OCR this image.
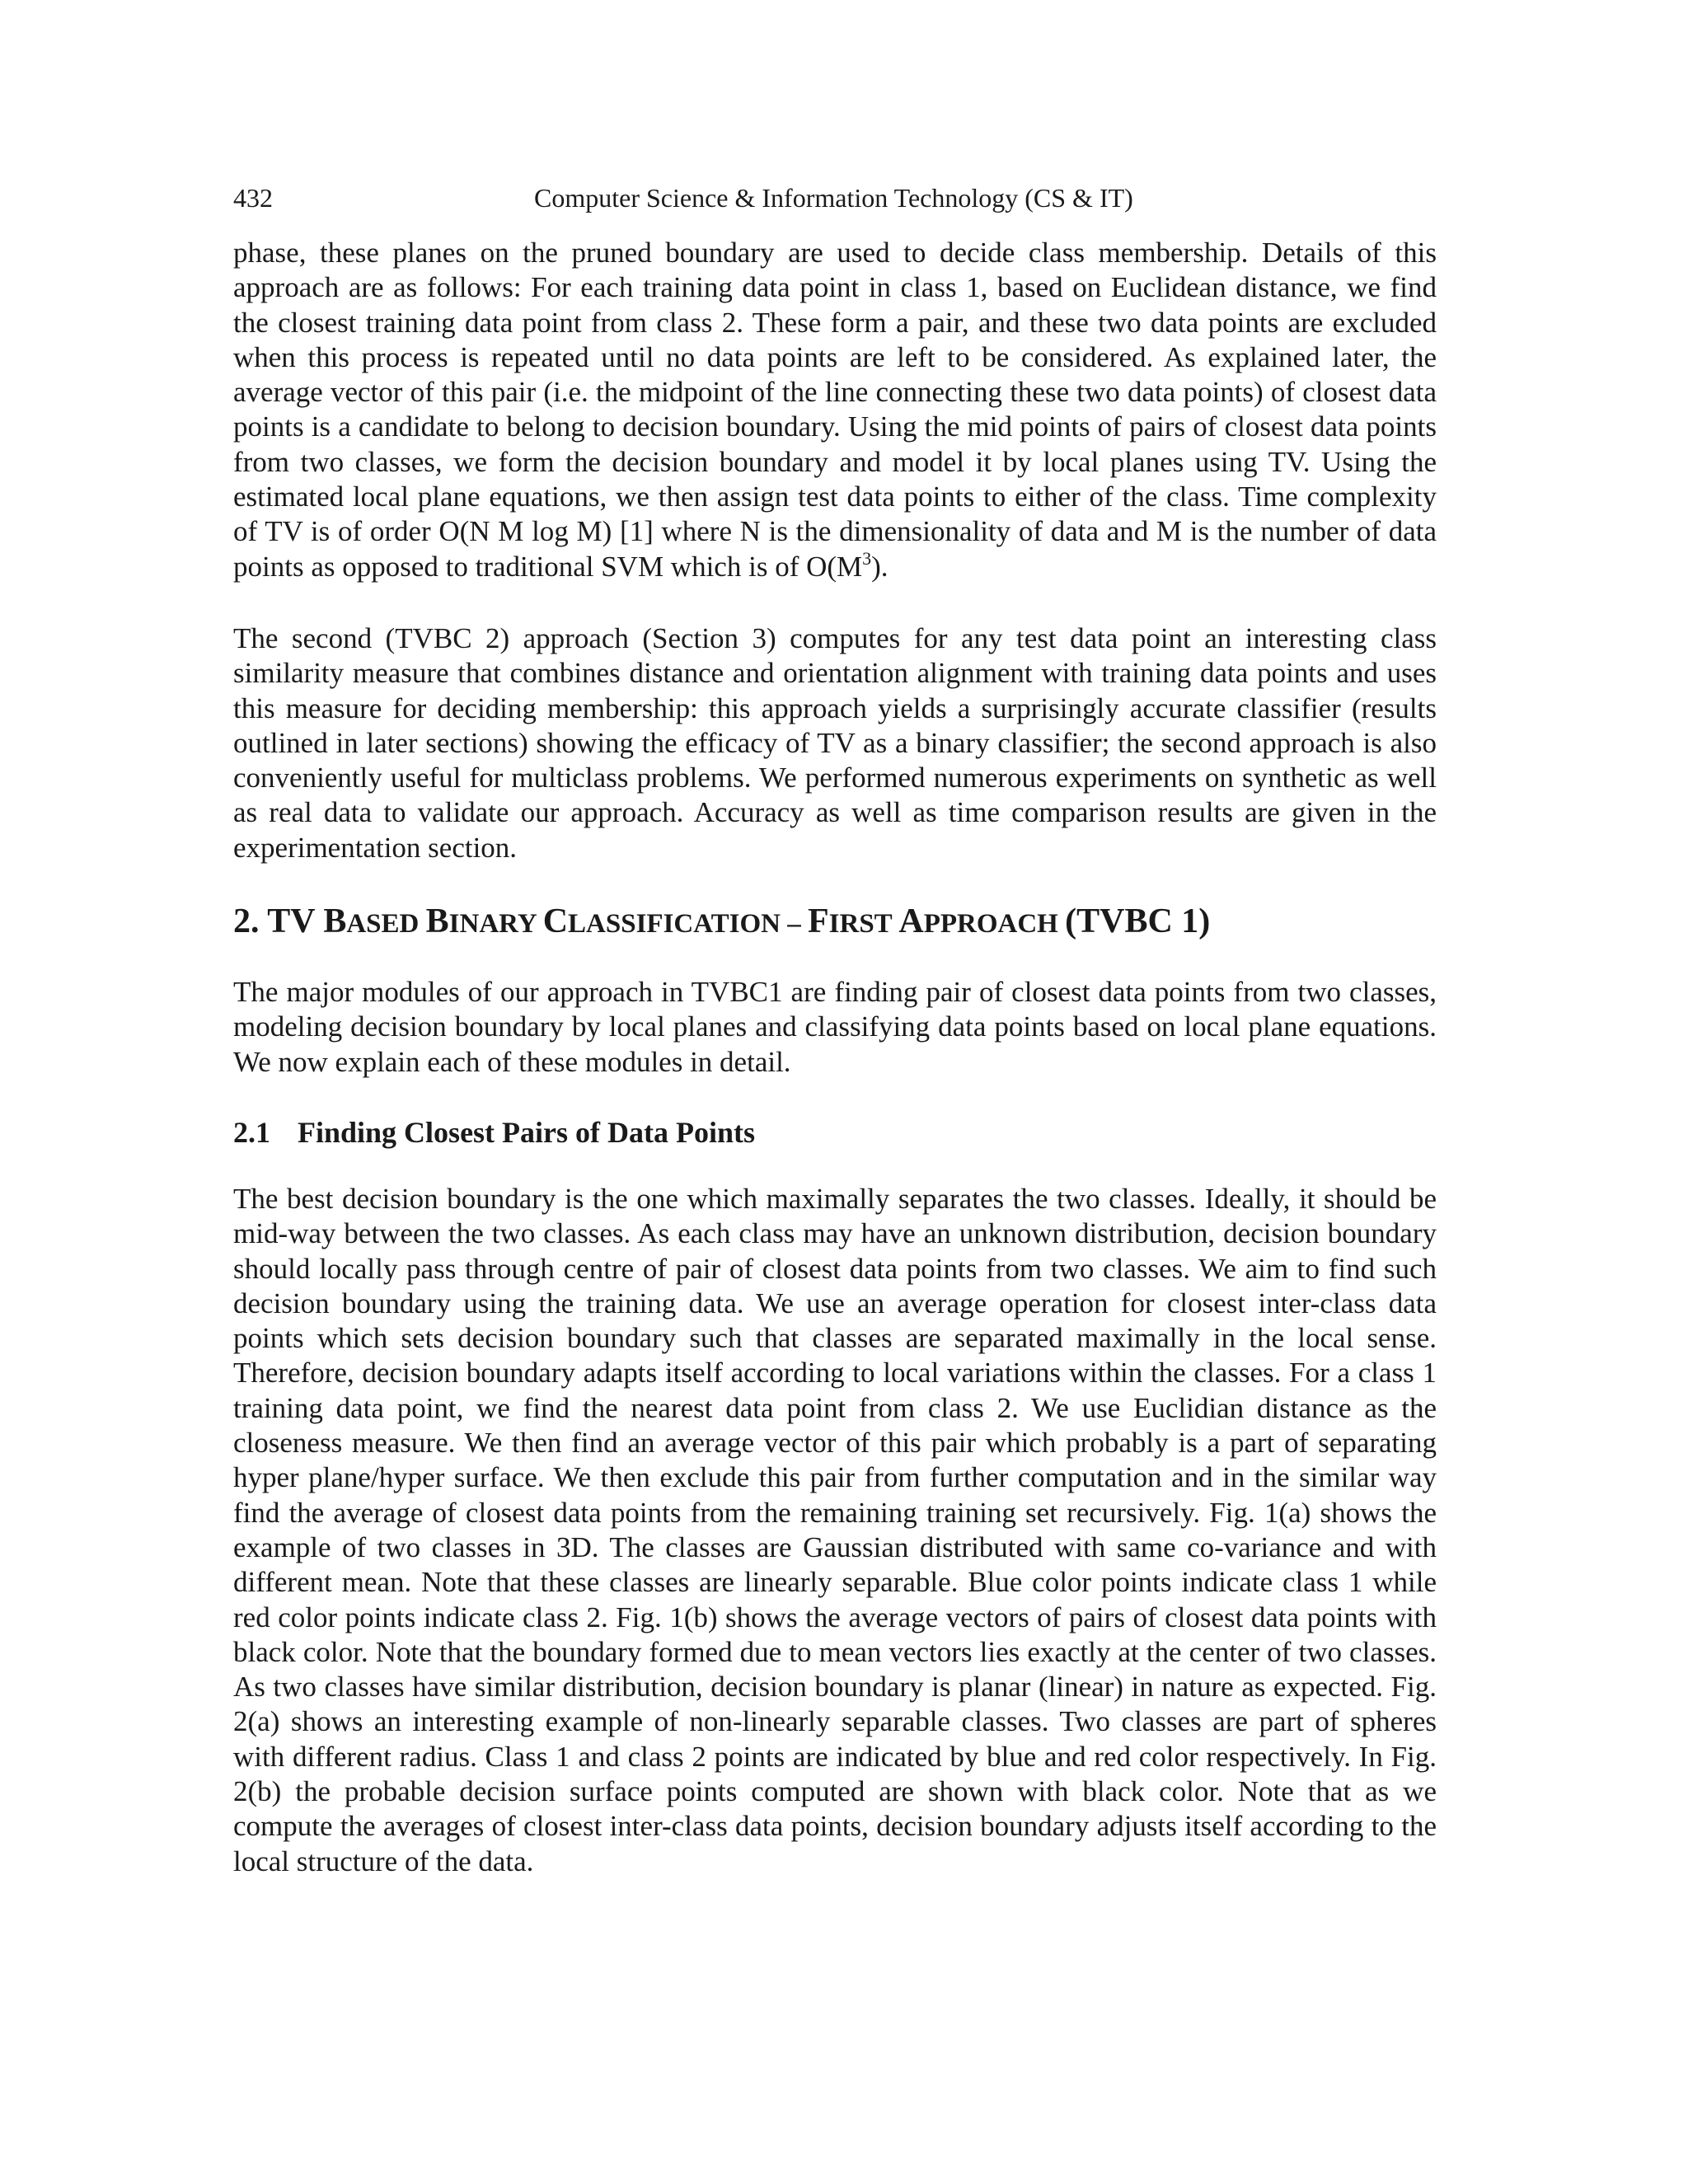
432	Computer Science & Information Technology (CS & IT)

phase, these planes on the pruned boundary are used to decide class membership. Details of this approach are as follows: For each training data point in class 1, based on Euclidean distance, we find the closest training data point from class 2. These form a pair, and these two data points are excluded when this process is repeated until no data points are left to be considered. As explained later, the average vector of this pair (i.e. the midpoint of the line connecting these two data points) of closest data points is a candidate to belong to decision boundary. Using the mid points of pairs of closest data points from two classes, we form the decision boundary and model it by local planes using TV. Using the estimated local plane equations, we then assign test data points to either of the class. Time complexity of TV is of order O(N M log M) [1] where N is the dimensionality of data and M is the number of data points as opposed to traditional SVM which is of $O(M^3)$.

The second (TVBC 2) approach (Section 3) computes for any test data point an interesting class similarity measure that combines distance and orientation alignment with training data points and uses this measure for deciding membership: this approach yields a surprisingly accurate classifier (results outlined in later sections) showing the efficacy of TV as a binary classifier; the second approach is also conveniently useful for multiclass problems. We performed numerous experiments on synthetic as well as real data to validate our approach. Accuracy as well as time comparison results are given in the experimentation section.

2. TV BASED BINARY CLASSIFICATION – FIRST APPROACH (TVBC 1)

The major modules of our approach in TVBC1 are finding pair of closest data points from two classes, modeling decision boundary by local planes and classifying data points based on local plane equations. We now explain each of these modules in detail.

2.1 Finding Closest Pairs of Data Points

The best decision boundary is the one which maximally separates the two classes. Ideally, it should be mid-way between the two classes. As each class may have an unknown distribution, decision boundary should locally pass through centre of pair of closest data points from two classes. We aim to find such decision boundary using the training data. We use an average operation for closest inter-class data points which sets decision boundary such that classes are separated maximally in the local sense. Therefore, decision boundary adapts itself according to local variations within the classes. For a class 1 training data point, we find the nearest data point from class 2. We use Euclidian distance as the closeness measure. We then find an average vector of this pair which probably is a part of separating hyper plane/hyper surface. We then exclude this pair from further computation and in the similar way find the average of closest data points from the remaining training set recursively. Fig. 1(a) shows the example of two classes in 3D. The classes are Gaussian distributed with same co-variance and with different mean. Note that these classes are linearly separable. Blue color points indicate class 1 while red color points indicate class 2. Fig. 1(b) shows the average vectors of pairs of closest data points with black color. Note that the boundary formed due to mean vectors lies exactly at the center of two classes. As two classes have similar distribution, decision boundary is planar (linear) in nature as expected. Fig. 2(a) shows an interesting example of non-linearly separable classes. Two classes are part of spheres with different radius. Class 1 and class 2 points are indicated by blue and red color respectively. In Fig. 2(b) the probable decision surface points computed are shown with black color. Note that as we compute the averages of closest inter-class data points, decision boundary adjusts itself according to the local structure of the data.
